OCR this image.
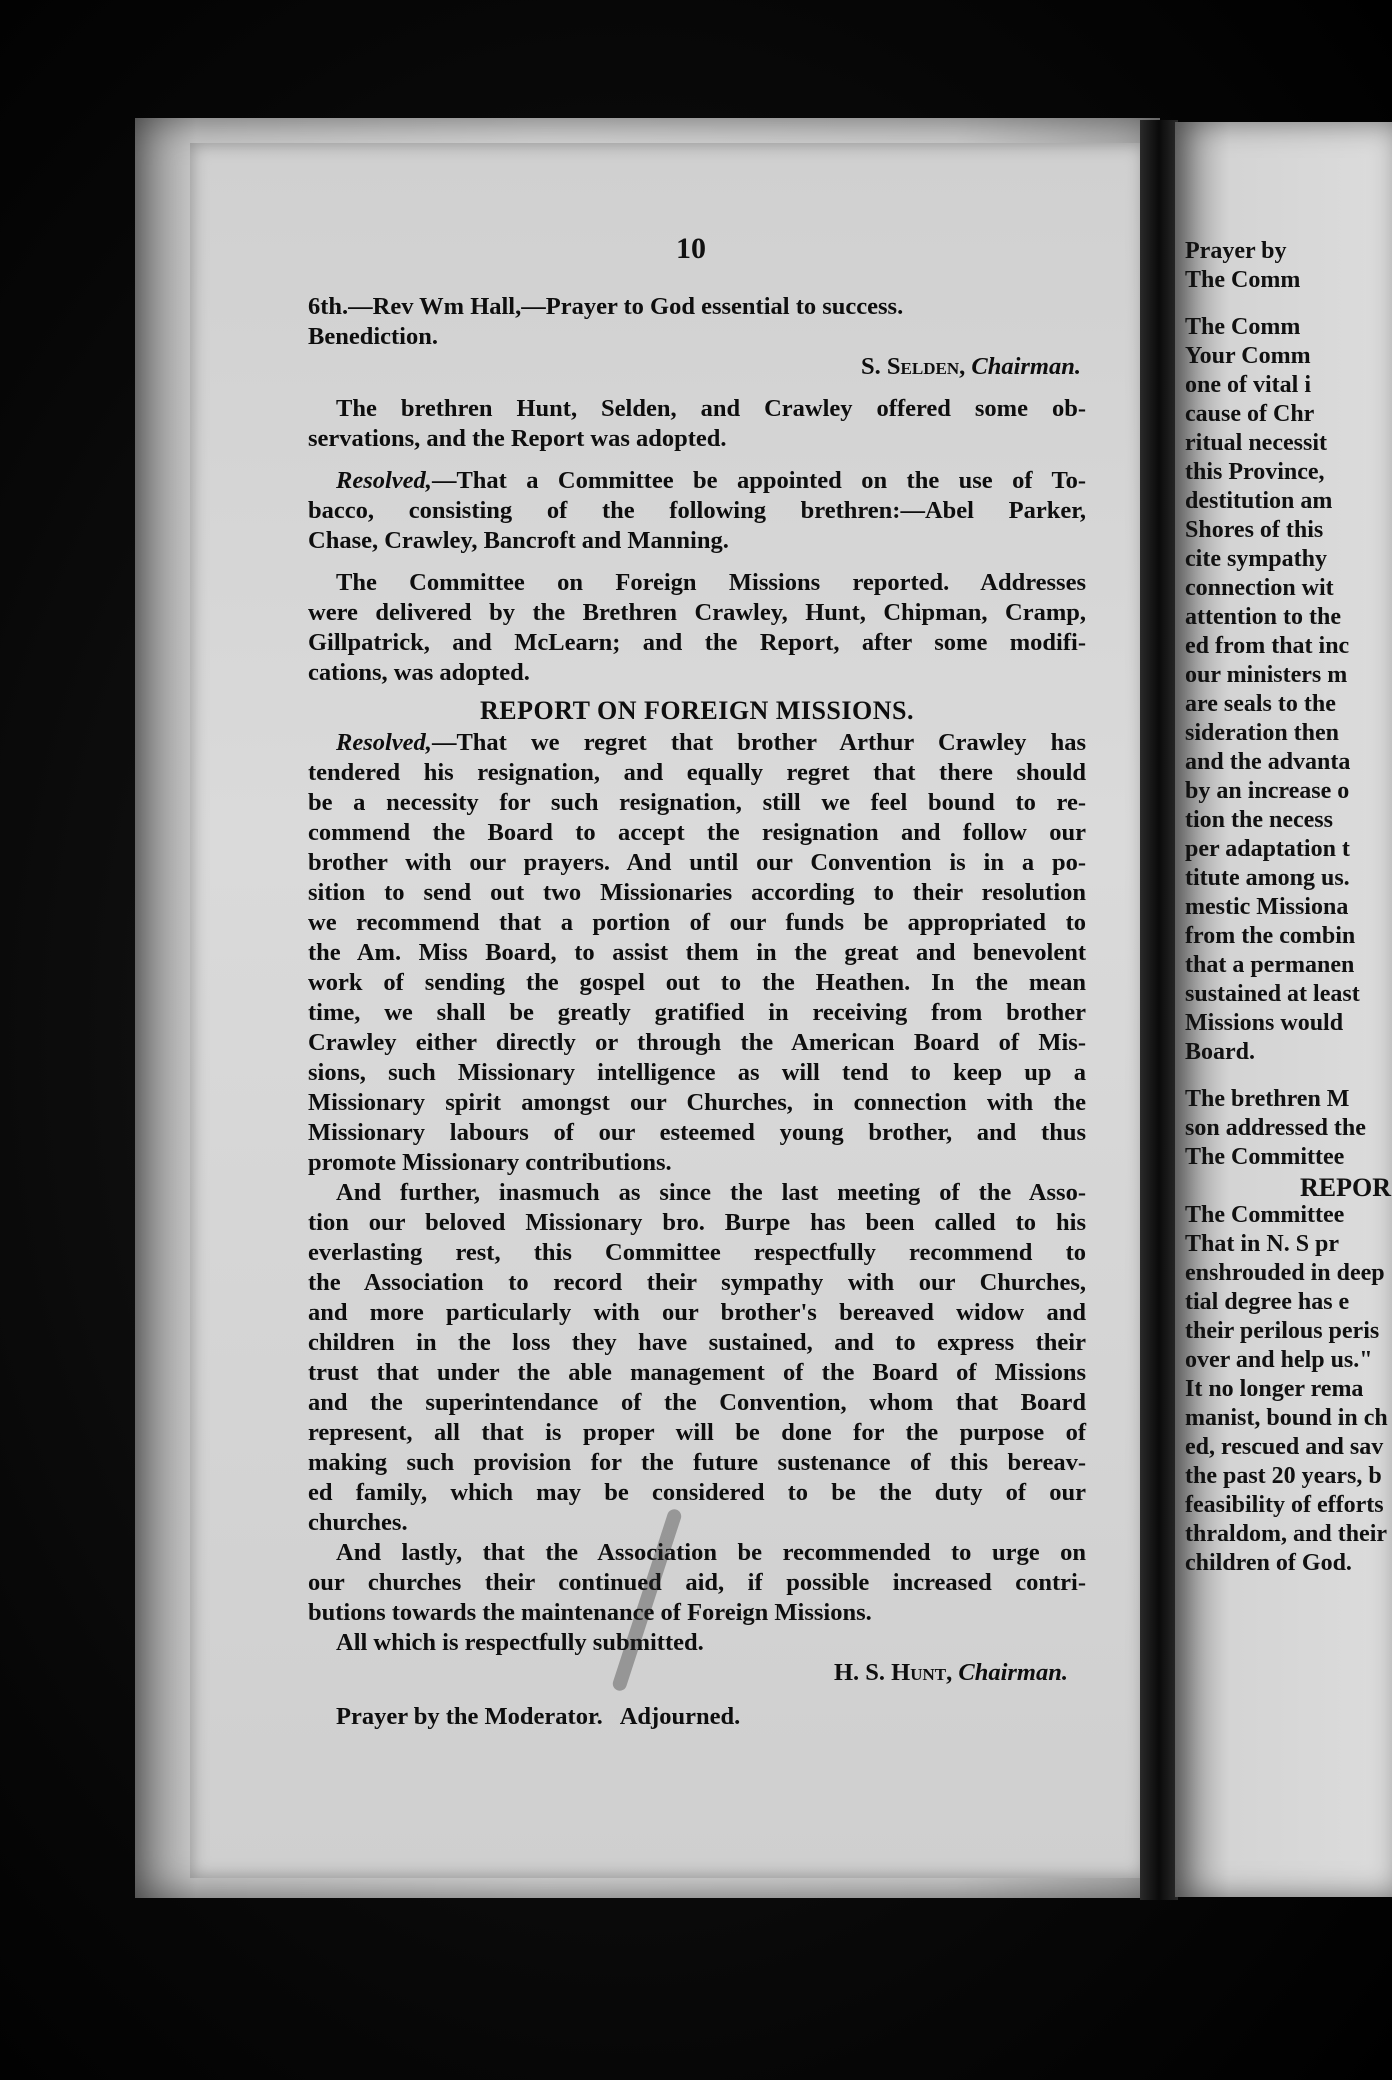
Prayer by
The Comm
The Comm
Your Comm
one of vital i
cause of Chr
ritual necessit
this Province,
destitution am
Shores of this
cite sympathy
connection wit
attention to the
ed from that inc
our ministers m
are seals to the
sideration then
and the advanta
by an increase o
tion the necess
per adaptation t
titute among us.
mestic Missiona
from the combin
that a permanen
sustained at least
Missions would
Board.
The brethren M
son addressed the
The Committee
REPOR
The Committee
That in N. S pr
enshrouded in deep
tial degree has e
their perilous peris
over and help us."
It no longer rema
manist, bound in ch
ed, rescued and sav
the past 20 years, b
feasibility of efforts
thraldom, and their
children of God.
10
6th.—Rev Wm Hall,—Prayer to God essential to success.
Benediction.
S. Selden, Chairman.
The brethren Hunt, Selden, and Crawley offered some ob-
servations, and the Report was adopted.
Resolved,—That a Committee be appointed on the use of To-
bacco, consisting of the following brethren:—Abel Parker,
Chase, Crawley, Bancroft and Manning.
The Committee on Foreign Missions reported. Addresses
were delivered by the Brethren Crawley, Hunt, Chipman, Cramp,
Gillpatrick, and McLearn; and the Report, after some modifi-
cations, was adopted.
REPORT ON FOREIGN MISSIONS.
Resolved,—That we regret that brother Arthur Crawley has
tendered his resignation, and equally regret that there should
be a necessity for such resignation, still we feel bound to re-
commend the Board to accept the resignation and follow our
brother with our prayers. And until our Convention is in a po-
sition to send out two Missionaries according to their resolution
we recommend that a portion of our funds be appropriated to
the Am. Miss Board, to assist them in the great and benevolent
work of sending the gospel out to the Heathen. In the mean
time, we shall be greatly gratified in receiving from brother
Crawley either directly or through the American Board of Mis-
sions, such Missionary intelligence as will tend to keep up a
Missionary spirit amongst our Churches, in connection with the
Missionary labours of our esteemed young brother, and thus
promote Missionary contributions.
And further, inasmuch as since the last meeting of the Asso-
tion our beloved Missionary bro. Burpe has been called to his
everlasting rest, this Committee respectfully recommend to
the Association to record their sympathy with our Churches,
and more particularly with our brother's bereaved widow and
children in the loss they have sustained, and to express their
trust that under the able management of the Board of Missions
and the superintendance of the Convention, whom that Board
represent, all that is proper will be done for the purpose of
making such provision for the future sustenance of this bereav-
ed family, which may be considered to be the duty of our
churches.
And lastly, that the Association be recommended to urge on
our churches their continued aid, if possible increased contri-
butions towards the maintenance of Foreign Missions.
All which is respectfully submitted.
H. S. Hunt, Chairman.
Prayer by the Moderator.   Adjourned.
